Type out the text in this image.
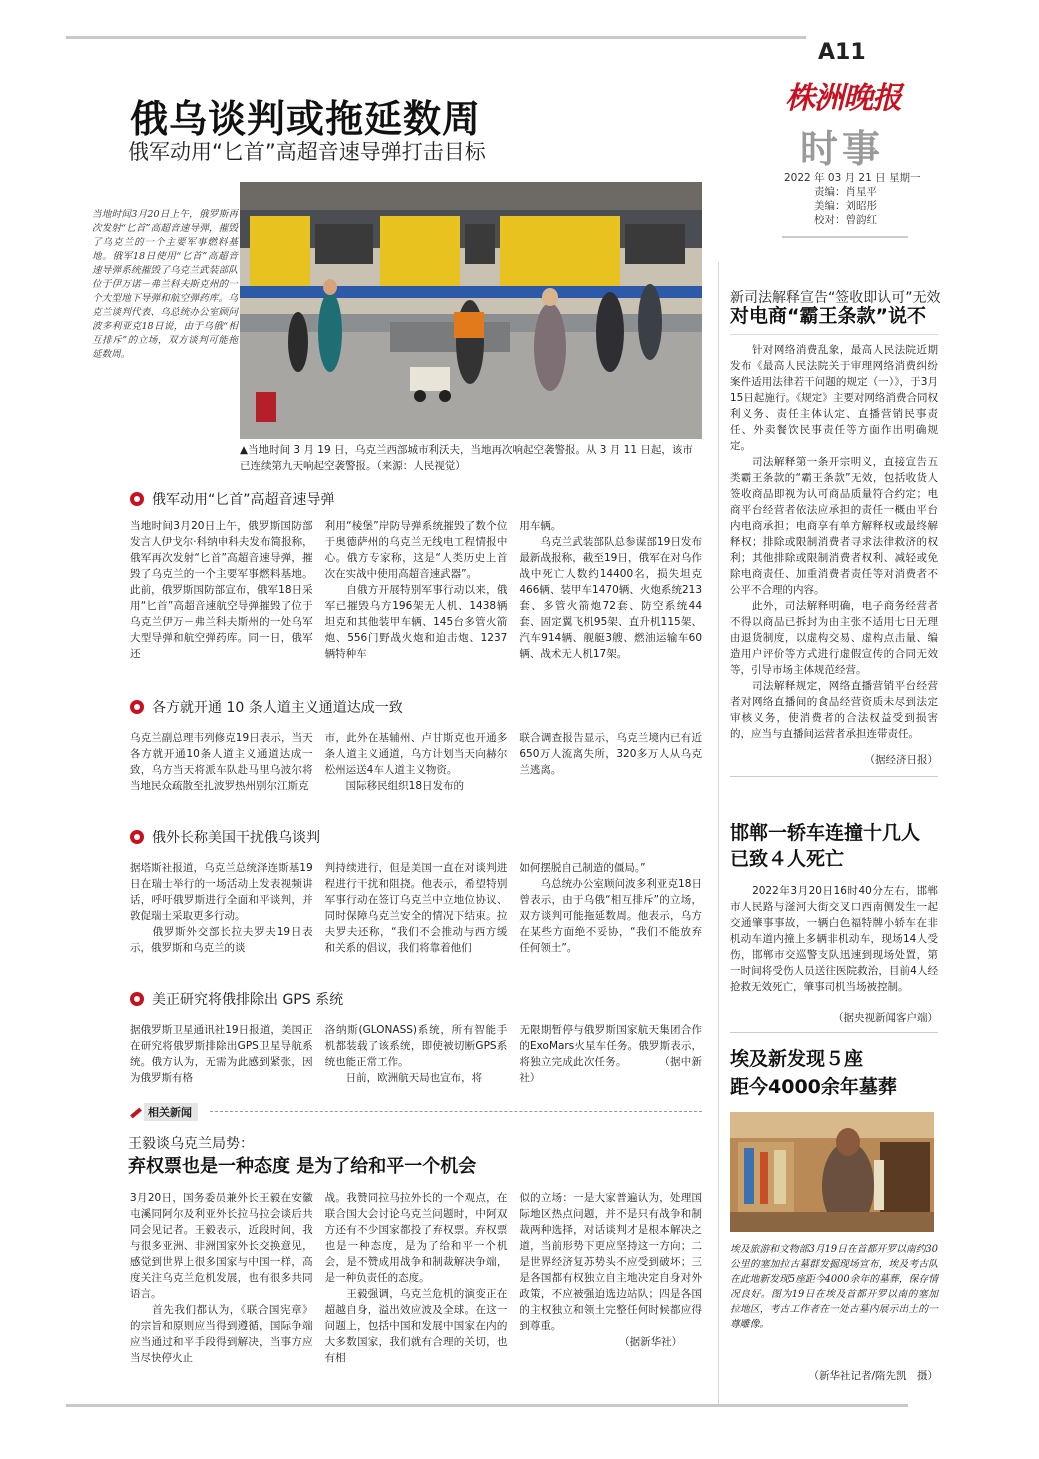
A11
株洲晚报
时事
2022 年 03 月 21 日 星期一
责编：肖星平
美编：刘昭彤
校对：曾韵红
俄乌谈判或拖延数周
俄军动用“匕首”高超音速导弹打击目标
当地时间3月20日上午，俄罗斯再次发射“匕首”高超音速导弹，摧毁了乌克兰的一个主要军事燃料基地。俄军18日使用“匕首”高超音速导弹系统摧毁了乌克兰武装部队位于伊万诺－弗兰科夫斯克州的一个大型地下导弹和航空弹药库。乌克兰谈判代表、乌总统办公室顾问波多利亚克18日说，由于乌俄“相互排斥”的立场，双方谈判可能拖延数周。
▲当地时间 3 月 19 日，乌克兰西部城市利沃夫，当地再次响起空袭警报。从 3 月 11 日起，该市已连续第九天响起空袭警报。（来源：人民视觉）
俄军动用“匕首”高超音速导弹
当地时间3月20日上午，俄罗斯国防部发言人伊戈尔·科纳申科夫发布简报称，俄军再次发射“匕首”高超音速导弹，摧毁了乌克兰的一个主要军事燃料基地。此前，俄罗斯国防部宣布，俄军18日采用“匕首”高超音速航空导弹摧毁了位于乌克兰伊万－弗兰科夫斯州的一处乌军大型导弹和航空弹药库。同一日，俄军还
利用“棱堡”岸防导弹系统摧毁了数个位于奥德萨州的乌克兰无线电工程情报中心。俄方专家称，这是“人类历史上首次在实战中使用高超音速武器”。
　　自俄方开展特别军事行动以来，俄军已摧毁乌方196架无人机、1438辆坦克和其他装甲车辆、145台多管火箭炮、556门野战火炮和迫击炮、1237辆特种车
用车辆。
　　乌克兰武装部队总参谋部19日发布最新战报称，截至19日，俄军在对乌作战中死亡人数约14400名，损失坦克466辆、装甲车1470辆、火炮系统213套、多管火箭炮72套、防空系统44套、固定翼飞机95架、直升机115架、汽车914辆、舰艇3艘、燃油运输车60辆、战术无人机17架。
各方就开通 10 条人道主义通道达成一致
乌克兰副总理韦列修克19日表示，当天各方就开通10条人道主义通道达成一致，乌方当天将派车队赴马里乌波尔将当地民众疏散至扎波罗热州别尔江斯克
市，此外在基辅州、卢甘斯克也开通多条人道主义通道，乌方计划当天向赫尔松州运送4车人道主义物资。
　　国际移民组织18日发布的
联合调查报告显示，乌克兰境内已有近650万人流离失所，320多万人从乌克兰逃离。
俄外长称美国干扰俄乌谈判
据塔斯社报道，乌克兰总统泽连斯基19日在瑞士举行的一场活动上发表视频讲话，呼吁俄罗斯进行全面和平谈判，并敦促瑞士采取更多行动。
　　俄罗斯外交部长拉夫罗夫19日表示，俄罗斯和乌克兰的谈
判持续进行，但是美国一直在对谈判进程进行干扰和阻挠。他表示，希望特别军事行动在签订乌克兰中立地位协议、同时保障乌克兰安全的情况下结束。拉夫罗夫还称，“我们不会推动与西方缓和关系的倡议，我们将靠着他们
如何摆脱自己制造的僵局。”
　　乌总统办公室顾问波多利亚克18日曾表示，由于乌俄“相互排斥”的立场，双方谈判可能拖延数周。他表示，乌方在某些方面绝不妥协，“我们不能放弃任何领土”。
美正研究将俄排除出 GPS 系统
据俄罗斯卫星通讯社19日报道，美国正在研究将俄罗斯排除出GPS卫星导航系统。俄方认为，无需为此感到紧张，因为俄罗斯有格
洛纳斯(GLONASS)系统，所有智能手机都装载了该系统，即使被切断GPS系统也能正常工作。
　　日前，欧洲航天局也宣布，将
无限期暂停与俄罗斯国家航天集团合作的ExoMars火星车任务。俄罗斯表示，将独立完成此次任务。　　　　（据中新社）
相关新闻
王毅谈乌克兰局势：
弃权票也是一种态度 是为了给和平一个机会
3月20日，国务委员兼外长王毅在安徽屯溪同阿尔及利亚外长拉马拉会谈后共同会见记者。王毅表示，近段时间，我与很多亚洲、非洲国家外长交换意见，感觉到世界上很多国家与中国一样，高度关注乌克兰危机发展，也有很多共同语言。
　　首先我们都认为，《联合国宪章》的宗旨和原则应当得到遵循，国际争端应当通过和平手段得到解决，当事方应当尽快停火止
战。我赞同拉马拉外长的一个观点，在联合国大会讨论乌克兰问题时，中阿双方还有不少国家都投了弃权票。弃权票也是一种态度，是为了给和平一个机会，是不赞成用战争和制裁解决争端，是一种负责任的态度。
　　王毅强调，乌克兰危机的演变正在超越自身，溢出效应波及全球。在这一问题上，包括中国和发展中国家在内的大多数国家，我们就有合理的关切，也有相
似的立场：一是大家普遍认为，处理国际地区热点问题，并不是只有战争和制裁两种选择，对话谈判才是根本解决之道，当前形势下更应坚持这一方向；二是世界经济复苏势头不应受到破坏；三是各国都有权独立自主地决定自身对外政策，不应被强迫选边站队；四是各国的主权独立和领土完整任何时候都应得到尊重。
　　　　　　　　　　（据新华社）
新司法解释宣告“签收即认可”无效
对电商“霸王条款”说不
　　针对网络消费乱象，最高人民法院近期发布《最高人民法院关于审理网络消费纠纷案件适用法律若干问题的规定（一）》，于3月15日起施行。《规定》主要对网络消费合同权利义务、责任主体认定、直播营销民事责任、外卖餐饮民事责任等方面作出明确规定。
　　司法解释第一条开宗明义，直接宣告五类霸王条款的“霸王条款”无效，包括收货人签收商品即视为认可商品质量符合约定；电商平台经营者依法应承担的责任一概由平台内电商承担；电商享有单方解释权或最终解释权；排除或限制消费者寻求法律救济的权利；其他排除或限制消费者权利、减轻或免除电商责任、加重消费者责任等对消费者不公平不合理的内容。
　　此外，司法解释明确，电子商务经营者不得以商品已拆封为由主张不适用七日无理由退货制度，以虚构交易、虚构点击量、编造用户评价等方式进行虚假宣传的合同无效等，引导市场主体规范经营。
　　司法解释规定，网络直播营销平台经营者对网络直播间的食品经营资质未尽到法定审核义务，使消费者的合法权益受到损害的，应当与直播间运营者承担连带责任。
（据经济日报）
邯郸一轿车连撞十几人
已致４人死亡
　　2022年3月20日16时40分左右，邯郸市人民路与滏河大街交叉口西南侧发生一起交通肇事事故，一辆白色福特牌小轿车在非机动车道内撞上多辆非机动车，现场14人受伤，邯郸市交巡警支队迅速到现场处置，第一时间将受伤人员送往医院救治，目前4人经抢救无效死亡，肇事司机当场被控制。
（据央视新闻客户端）
埃及新发现５座
距今4000余年墓葬
埃及旅游和文物部3月19日在首都开罗以南约30公里的塞加拉古墓群发掘现场宣布，埃及考古队在此地新发现5座距今4000余年的墓葬，保存情况良好。图为19日在埃及首都开罗以南的塞加拉地区，考古工作者在一处古墓内展示出土的一尊雕像。
（新华社记者/隋先凯　摄）
